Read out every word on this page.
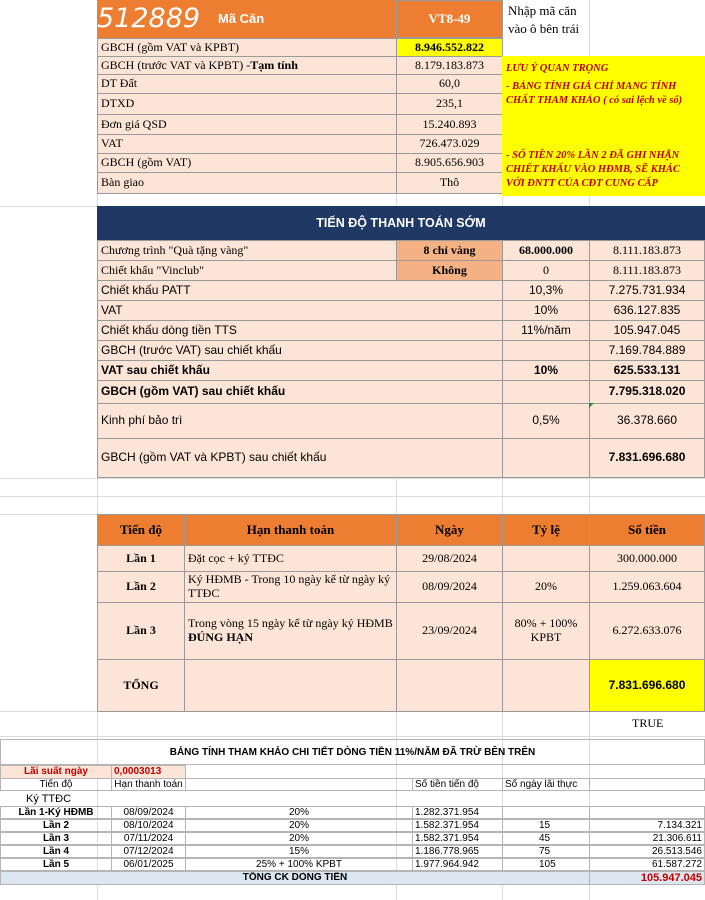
512889	Mã Căn	VT8-49
Nhập mã căn
vào ô bên trái
GBCH (gồm VAT và KPBT)	8.946.552.822
GBCH (trước VAT và KPBT) - Tạm tính	8.179.183.873
DT Đất	60,0
DTXD	235,1
Đơn giá QSD	15.240.893
VAT	726.473.029
GBCH (gồm VAT)	8.905.656.903
Bàn giao	Thô

LƯU Ý QUAN TRỌNG

- BẢNG TÍNH GIÁ CHỈ MANG TÍNH CHẤT THAM KHẢO ( có sai lệch về số)

- SỐ TIỀN 20% LẦN 2 ĐÃ GHI NHẬN CHIẾT KHẤU VÀO HĐMB, SẼ KHÁC VỚI ĐNTT CỦA CĐT CUNG CẤP

TIẾN ĐỘ THANH TOÁN SỚM
Chương trình "Quà tặng vàng"	8 chỉ vàng	68.000.000	8.111.183.873
Chiết khấu "Vinclub"	Không	0	8.111.183.873
Chiết khấu PATT	10,3%	7.275.731.934
VAT	10%	636.127.835
Chiết khấu dòng tiền TTS	11%/năm	105.947.045
GBCH (trước VAT) sau chiết khấu	7.169.784.889
VAT sau chiết khấu	10%	625.533.131
GBCH (gồm VAT) sau chiết khấu	7.795.318.020
Kinh phí bảo trì	0,5%	36.378.660
GBCH (gồm VAT và KPBT) sau chiết khấu	7.831.696.680
Tiến độ	Hạn thanh toán	Ngày	Tỷ lệ	Số tiền
Lần 1	Đặt cọc + ký TTĐC	29/08/2024	300.000.000
Lần 2	Ký HĐMB - Trong 10 ngày kể từ ngày ký TTĐC	08/09/2024	20%	1.259.063.604
Lần 3	Trong vòng 15 ngày kể từ ngày ký HĐMB
ĐÚNG HẠN	23/09/2024	80% + 100% KPBT	6.272.633.076
TỔNG	7.831.696.680
TRUE
BẢNG TÍNH THAM KHẢO CHI TIẾT DÒNG TIỀN 11%/NĂM ĐÃ TRỪ BÊN TRÊN
Lãi suất ngày	0,0003013
Tiến độ	Hạn thanh toán	Số tiền tiến độ	Số ngày lãi thực
Ký TTĐC
Lần 1-Ký HĐMB	08/09/2024	20%	1.282.371.954
Lần 2	08/10/2024	20%	1.582.371.954	15	7.134.321
Lần 3	07/11/2024	20%	1.582.371.954	45	21.306.611
Lần 4	07/12/2024	15%	1.186.778.965	75	26.513.546
Lần 5	06/01/2025	25% + 100% KPBT	1.977.964.942	105	61.587.272
TỔNG CK DÒNG TIỀN	105.947.045
